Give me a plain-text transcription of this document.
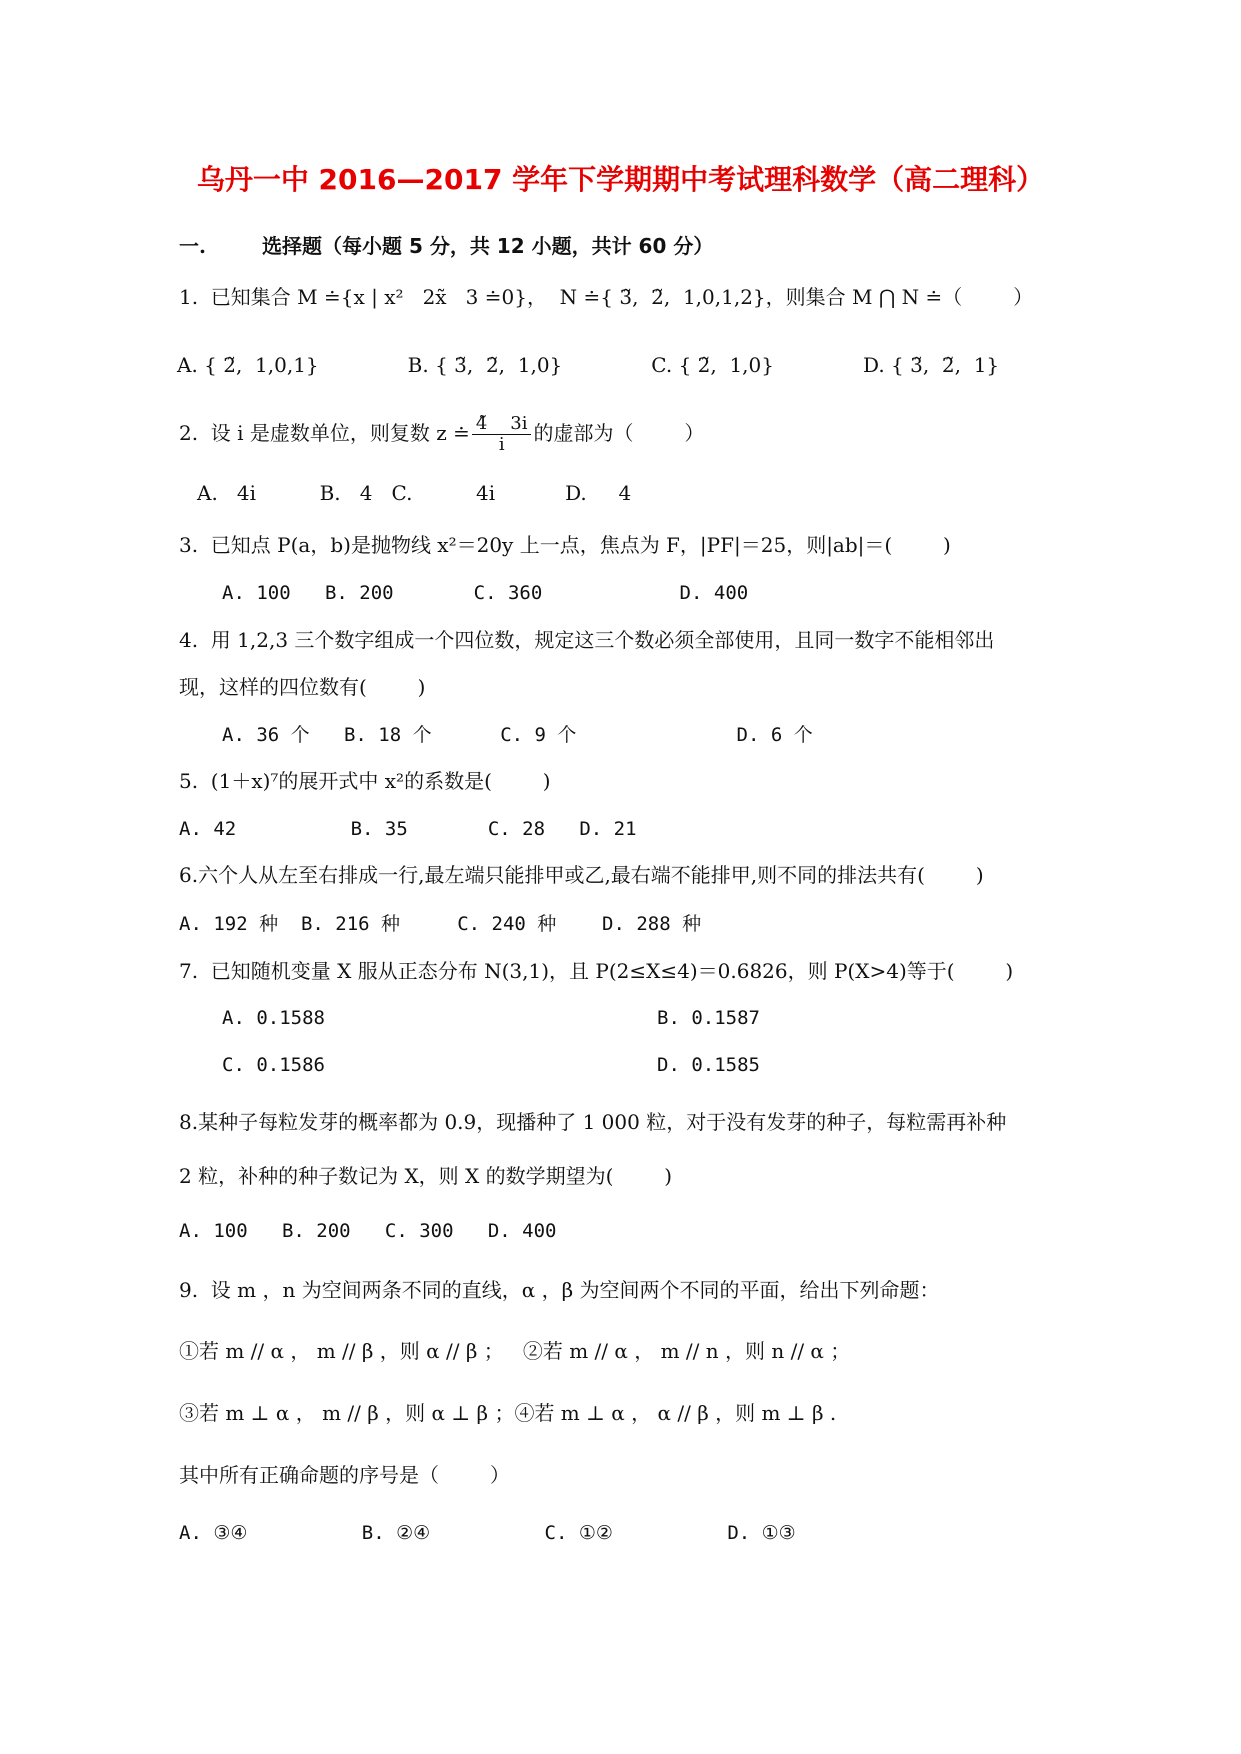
乌丹一中 2016—2017 学年下学期期中考试理科数学（高二理科）
一.	选择题（每小题 5 分，共 12 小题，共计 60 分）
1.  已知集合 M ≐{x | x²   2x̃   3 ≐0}，  N ≐{ 3̃,  2̃,  1,0,1,2}，则集合 M ⋂ N ≐（        ）
A. { 2̃,  1,0,1}              B. { 3̃,  2̃,  1,0}              C. { 2̃,  1,0}              D. { 3̃,  2̃,  1}
2.  设 i 是虚数单位，则复数 z ≐ $\frac{4̃ 3i}{i}$ 的虚部为（        ）
A.   4i          B.   4   C.          4i           D.     4
3.  已知点 P(a，b)是抛物线 x²＝20y 上一点，焦点为 F，|PF|＝25，则|ab|＝(        )
A. 100   B. 200       C. 360            D. 400
4.  用 1,2,3 三个数字组成一个四位数，规定这三个数必须全部使用，且同一数字不能相邻出
现，这样的四位数有(        )
A. 36 个   B. 18 个      C. 9 个              D. 6 个
5.  (1＋x)⁷的展开式中 x²的系数是(        )
A. 42          B. 35       C. 28   D. 21
6.六个人从左至右排成一行,最左端只能排甲或乙,最右端不能排甲,则不同的排法共有(        )
A. 192 种  B. 216 种     C. 240 种    D. 288 种
7.  已知随机变量 X 服从正态分布 N(3,1)，且 P(2≤X≤4)＝0.6826，则 P(X>4)等于(        )
A. 0.1588	B. 0.1587
C. 0.1586	D. 0.1585
8.某种子每粒发芽的概率都为 0.9，现播种了 1 000 粒，对于没有发芽的种子，每粒需再补种
2 粒，补种的种子数记为 X，则 X 的数学期望为(        )
A. 100   B. 200   C. 300   D. 400
9.  设 m ，n 为空间两条不同的直线，α ，β 为空间两个不同的平面，给出下列命题：
①若 m // α ， m // β ，则 α // β ；   ②若 m // α ， m // n ，则 n // α ；
③若 m ⊥ α ， m // β ，则 α ⊥ β ；④若 m ⊥ α ， α // β ，则 m ⊥ β .
其中所有正确命题的序号是（        ）
A. ③④          B. ②④          C. ①②          D. ①③
